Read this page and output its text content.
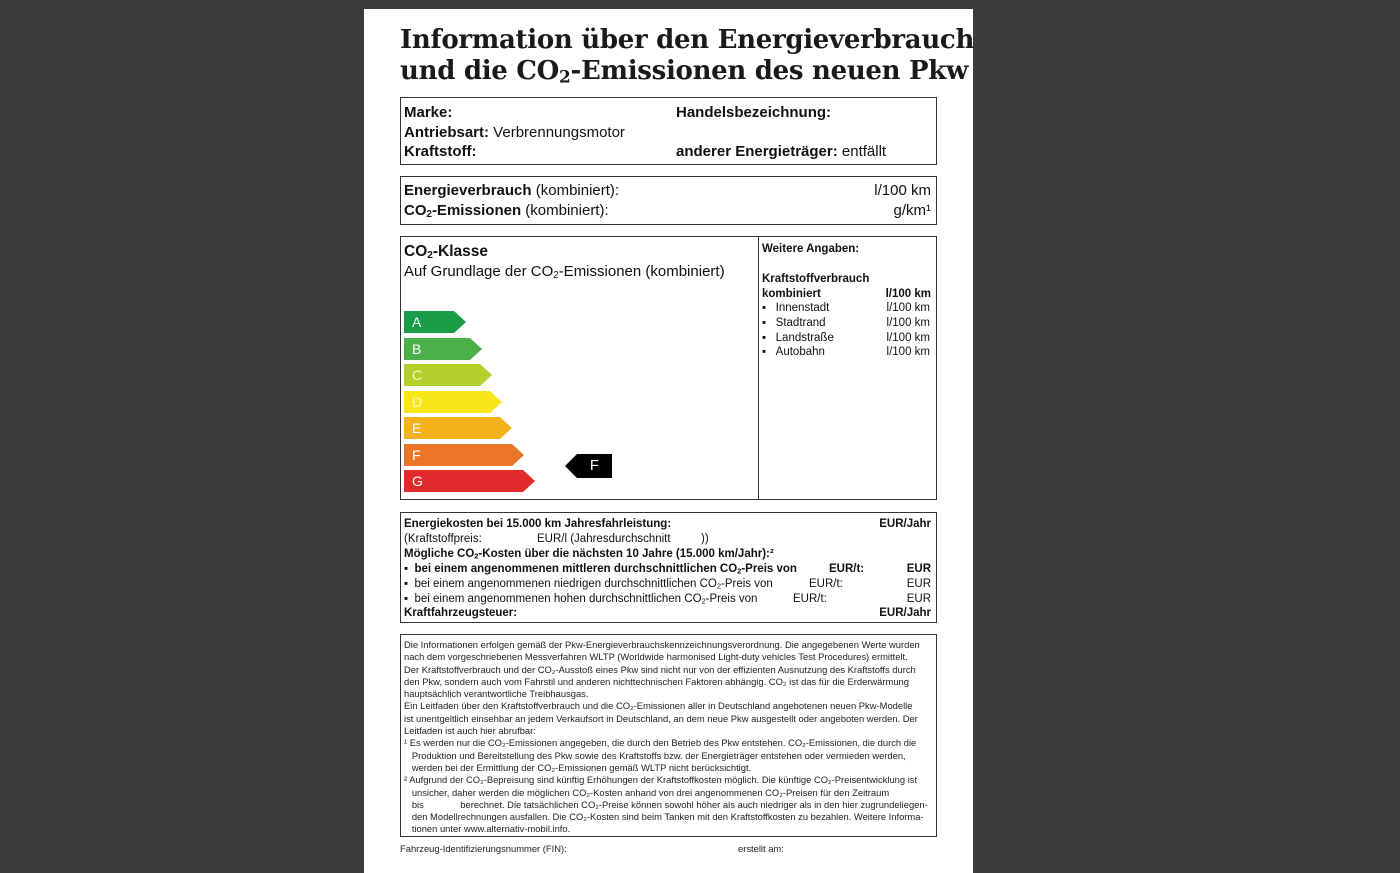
Information über den Energieverbrauch
und die $CO_2$-Emissionen des neuen Pkw
Marke:	Handelsbezeichnung:
Antriebsart: Verbrennungsmotor
Kraftstoff:	anderer Energieträger: entfällt
Energieverbrauch (kombiniert):	l/100 km
$CO_2$-Emissionen (kombiniert):	g/km¹
$CO_2$-Klasse
Auf Grundlage der $CO_2$-Emissionen (kombiniert)
A
B
C
D
E
F
G
F
Weitere Angaben:
Kraftstoffverbrauch
kombiniert	l/100 km
▪   Innenstadt	l/100 km
▪   Stadtrand	l/100 km
▪   Landstraße	l/100 km
▪   Autobahn	l/100 km
Energiekosten bei 15.000 km Jahresfahrleistung:	EUR/Jahr
(Kraftstoffpreis:	EUR/l (Jahresdurchschnitt	))
Mögliche $CO_2$-Kosten über die nächsten 10 Jahre (15.000 km/Jahr):²
▪  bei einem angenommenen mittleren durchschnittlichen $CO_2$-Preis von	EUR/t:	EUR
▪  bei einem angenommenen niedrigen durchschnittlichen $CO_2$-Preis von	EUR/t:	EUR
▪  bei einem angenommenen hohen durchschnittlichen $CO_2$-Preis von	EUR/t:	EUR
Kraftfahrzeugsteuer:	EUR/Jahr
Die Informationen erfolgen gemäß der Pkw-Energieverbrauchskennzeichnungsverordnung. Die angegebenen Werte wurden
nach dem vorgeschriebenen Messverfahren WLTP (Worldwide harmonised Light-duty vehicles Test Procedures) ermittelt.
Der Kraftstoffverbrauch und der CO₂-Ausstoß eines Pkw sind nicht nur von der effizienten Ausnutzung des Kraftstoffs durch
den Pkw, sondern auch vom Fahrstil und anderen nichttechnischen Faktoren abhängig. CO₂ ist das für die Erderwärmung
hauptsächlich verantwortliche Treibhausgas.
Ein Leitfaden über den Kraftstoffverbrauch und die CO₂-Emissionen aller in Deutschland angebotenen neuen Pkw-Modelle
ist unentgeltlich einsehbar an jedem Verkaufsort in Deutschland, an dem neue Pkw ausgestellt oder angeboten werden. Der
Leitfaden ist auch hier abrufbar:
¹ Es werden nur die CO₂-Emissionen angegeben, die durch den Betrieb des Pkw entstehen. CO₂-Emissionen, die durch die
Produktion und Bereitstellung des Pkw sowie des Kraftstoffs bzw. der Energieträger entstehen oder vermieden werden,
werden bei der Ermittlung der CO₂-Emissionen gemäß WLTP nicht berücksichtigt.
² Aufgrund der CO₂-Bepreisung sind künftig Erhöhungen der Kraftstoffkosten möglich. Die künftige CO₂-Preisentwicklung ist
unsicher, daher werden die möglichen CO₂-Kosten anhand von drei angenommenen CO₂-Preisen für den Zeitraum
bis              berechnet. Die tatsächlichen CO₂-Preise können sowohl höher als auch niedriger als in den hier zugrundeliegen-
den Modellrechnungen ausfallen. Die CO₂-Kosten sind beim Tanken mit den Kraftstoffkosten zu bezahlen. Weitere Informa-
tionen unter www.alternativ-mobil.info.
Fahrzeug-Identifizierungsnummer (FIN):	erstellt am:
